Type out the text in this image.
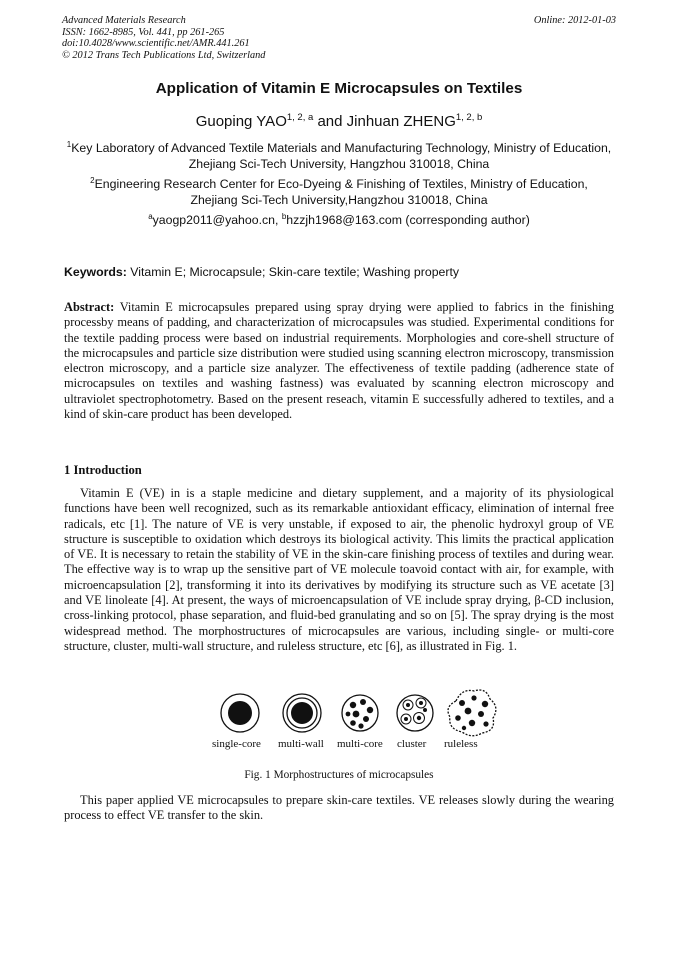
Advanced Materials Research
ISSN: 1662-8985, Vol. 441, pp 261-265
doi:10.4028/www.scientific.net/AMR.441.261
© 2012 Trans Tech Publications Ltd, Switzerland
Online: 2012-01-03
Application of Vitamin E Microcapsules on Textiles
Guoping YAO$^{1, 2, a}$ and Jinhuan ZHENG$^{1, 2, b}$
$^1$Key Laboratory of Advanced Textile Materials and Manufacturing Technology, Ministry of Education,
Zhejiang Sci-Tech University, Hangzhou 310018, China
$^2$Engineering Research Center for Eco-Dyeing & Finishing of Textiles, Ministry of Education,
Zhejiang Sci-Tech University,Hangzhou 310018, China
$^a$yaogp2011@yahoo.cn, $^b$hzzjh1968@163.com (corresponding author)
Keywords: Vitamin E; Microcapsule; Skin-care textile; Washing property
Abstract: Vitamin E microcapsules prepared using spray drying were applied to fabrics in the finishing processby means of padding, and characterization of microcapsules was studied. Experimental conditions for the textile padding process were based on industrial requirements. Morphologies and core-shell structure of the microcapsules and particle size distribution were studied using scanning electron microscopy, transmission electron microscopy, and a particle size analyzer. The effectiveness of textile padding (adherence state of microcapsules on textiles and washing fastness) was evaluated by scanning electron microscopy and ultraviolet spectrophotometry. Based on the present reseach, vitamin E successfully adhered to textiles, and a kind of skin-care product has been developed.
1 Introduction
Vitamin E (VE) in is a staple medicine and dietary supplement, and a majority of its physiological functions have been well recognized, such as its remarkable antioxidant efficacy, elimination of internal free radicals, etc [1]. The nature of VE is very unstable, if exposed to air, the phenolic hydroxyl group of VE structure is susceptible to oxidation which destroys its biological activity. This limits the practical application of VE. It is necessary to retain the stability of VE in the skin-care finishing process of textiles and during wear. The effective way is to wrap up the sensitive part of VE molecule toavoid contact with air, for example, with microencapsulation [2], transforming it into its derivatives by modifying its structure such as VE acetate [3] and VE linoleate [4]. At present, the ways of microencapsulation of VE include spray drying, β-CD inclusion, cross-linking protocol, phase separation, and fluid-bed granulating and so on [5]. The spray drying is the most widespread method. The morphostructures of microcapsules are various, including single- or multi-core structure, cluster, multi-wall structure, and ruleless structure, etc [6], as illustrated in Fig. 1.
single-core multi-wall multi-core cluster ruleless
Fig. 1 Morphostructures of microcapsules
This paper applied VE microcapsules to prepare skin-care textiles. VE releases slowly during the wearing process to effect VE transfer to the skin.
